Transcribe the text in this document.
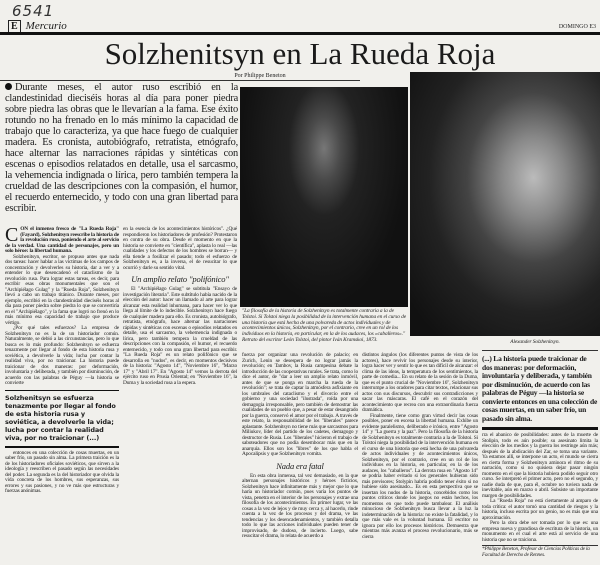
6541
E Mercurio	DOMINGO E3
Solzhenitsyn en La Rueda Roja
Por Philippe Beneton
Durante meses, el autor ruso escribió en la clandestinidad dieciséis horas al día para poner piedra sobre piedra las obras que le llevarían a la fama. Ese éxito rotundo no ha frenado en lo más mínimo la capacidad de trabajo que lo caracteriza, ya que hace fuego de cualquier madera. Es cronista, autobiógrafo, retratista, etnógrafo, hace alternar las narraciones rápidas y sintéticas con escenas o episodios relatados en detalle, usa el sarcasmo, la vehemencia indignada o lírica, pero también tempera la crueldad de las descripciones con la compasión, el humor, el recuerdo enternecido, y todo con una gran libertad para escribir.
"La filosofía de la historia de Solzhenitsyn es totalmente contraria a la de Tolstoi. Si Tolstoi niega la posibilidad de la intervención humana en el curso de una historia que está hecha de una polvareda de actos individuales y de acontecimientos únicos, Solzhenitsyn, por el contrario, cree en un rol de los individuos en la historia, en particular, en la de los audaces, los «caballeros»."
Retrato del escritor León Tolstoi, del pintor Iván Kramskoi, 1873.	Alexander Solzhenitsyn.
C ON el inmenso fresco de "La Rueda Roja" (Fayard), Solzhenitsyn reescribe la historia de la revolución rusa, poniendo el arte al servicio de la verdad. Una cantidad de personajes, pero un solo héroe: la libertad humana.

Solzhenitsyn, escritor, se propuso antes que nada dos tareas: hacer hablar a las víctimas de los campos de concentración y devolverles su historia, dar a ver y a entender lo que desencadenó el cataclismo de la revolución rusa. Para lograr estas tareas, es decir, para escribir esas obras monumentales que son el "Archipiélago Gulag" y la "Rueda Roja", Solzhenitsyn llevó a cabo un trabajo titánico. Durante meses, por ejemplo, escribió en la clandestinidad dieciséis horas al día para poner piedra sobre piedra lo que se convertiría en el "Archipiélago", y la fama que logró no frenó en lo más mínimo esa capacidad de trabajo que produce vértigo.

¿Por qué tales esfuerzos? La empresa de Solzhenitsyn no es la de un historiador común. Naturalmente, se debió a las circunstancias, pero lo que busca es lo más profundo: Solzhenitsyn se esfuerza tenazmente por llegar al fondo de esta historia rusa y soviética, a devolverle la vida; lucha por contar la realidad viva, por no traicionar. La historia puede traicionar de dos maneras: por deformación, involuntaria y deliberada, y también por disminución, de acuerdo con las palabras de Péguy —la historia se convierte

Solzhenitsyn se esfuerza tenazmente por llegar al fondo de esta historia rusa y soviética, a devolverle la vida; lucha por contar la realidad viva, por no traicionar (...)

entonces en una colección de cosas muertas, en un saber frío, un pasado sin alma. La primera traición es la de los historiadores oficiales soviéticos, que sirven a la ideología y reescriben el pasado según las necesidades del poder. La segunda es la del historiador que olvida la vida concreta de los hombres, sus esperanzas, sus errores y sus pasiones, y no ve más que estructuras y fuerzas anónimas.

en la esencia de los acontecimientos históricos". ¿Qué respondieron los historiadores de profesión? Protestaron en contra de su obra. Desde el momento en que la historia se convierte en "científica", aplasta lo real —las cualidades y los defectos de los hombres se borran— y ella tiende a fosilizar el pasado; todo el esfuerzo de Solzhenitsyn es, a la inversa, el de resucitar lo que ocurrió y darle su sentido vital.

Un amplio relato "polifónico"

El "Archipiélago Gulag" se subtitula "Ensayo de investigación literaria". Este subtítulo había nacido de la elección del autor: hacer un llamado al arte para lograr alcanzar esta realidad inhumana, para hacer ver lo que llega al límite de lo indecible. Solzhenitsyn hace fuego de cualquier madera para ello. Es cronista, autobiógrafo, retratista, etnógrafo, hace alternar las narraciones rápidas y sintéticas con escenas o episodios relatados en detalle, usa el sarcasmo, la vehemencia indignada o lírica, pero también tempera la crueldad de las descripciones con la compasión, el humor, el recuerdo enternecido, y todo con una gran libertad para escribir. "La Rueda Roja" es un relato polifónico que se desarrolla en "nudos", es decir, en momentos decisivos de la historia: "Agosto 14", "Noviembre 16", "Marzo 17" y "Abril 17". En "Agosto 14" vemos la derrota del ejército ruso en Prusia Oriental; en "Noviembre 16", la Duma y la sociedad rusa a la espera.

fuerza por organizar una revolución de palacio; en Zurich, Lenin se desespera de no lograr jamás la revolución; en Tambov, la Rusia campesina debate la introducción de las cooperativas rurales. Se trata, como lo dice el autor, de "dar a leer un amplio relato inmóvil, antes de que se ponga en marcha la rueda de la revolución"; se trata de captar la atmósfera asfixiante en los umbrales del cataclismo y el divorcio entre el gobierno y una sociedad "ilustrada", roída por una demagogia irresponsable, pero también de demostrar las cualidades de un pueblo que, a pesar de estar desangrado por la guerra, conservó el amor por el trabajo. A través de este relato, la responsabilidad de los "liberales" parece aplastante. Solzhenitsyn no tiene más que sarcasmos para Miliukov, líder del partido de los cadetes, demagogo y destructor de Rusia. Los "liberales" hicieron el trabajo de saboteadores que no podía desembocar más que en la anarquía. Ellos son los "libres" de los que habla el Apocalipsis y que Solzhenitsyn vomita.

Nada era fatal

En esta obra inmensa, tal vez demasiado, en la que alternan personajes históricos y héroes ficticios, Solzhenitsyn hace infinitamente más y mejor que lo que haría un historiador común, pues varía los puntos de vista, penetra en el interior de los personajes y extrae una filosofía de los acontecimientos. En primer lugar, ve las cosas a la vez de lejos y de muy cerca y, al hacerlo, rinde cuenta a la vez de los procesos y del drama, ve las tendencias y los desencadenamientos, y también detalla todo lo que las acciones individuales pueden tener de improvisado, de dudoso, de incierto. Luego, sabe resucitar el drama, lo relata de acuerdo a

distintos ángulos (los diferentes puntos de vista de los actores), hace revivir los personajes desde su interior, logra hacer ver y sentir lo que es tan difícil de alcanzar: el clima de las ideas, la temperatura de los sentimientos, la parte de comedia... En su relato de la sesión de la Duma, que es el punto crucial de "Noviembre 16", Solzhenitsyn interrumpe a los oradores para citar textos, relacionar sus actos con sus discursos, descubrir sus contradicciones y sacar las máscaras. El café en el corazón del acontecimiento que recrea con una extraordinaria fuerza dramática.

Finalmente, tiene como gran virtud decir las cosas posibles, poner en escena la libertad humana. Exhibe un evidente paralelismo, deliberado e irónico, entre "Agosto 14" y "La guerra y la paz". Pero la filosofía de la historia de Solzhenitsyn es totalmente contraria a la de Tolstoi. Si Tolstoi niega la posibilidad de la intervención humana en el curso de una historia que está hecha de una polvareda de actos individuales y de acontecimientos únicos, Solzhenitsyn, por el contrario, cree en un rol de los individuos en la historia, en particular, en la de los audaces, los "caballeros". La derrota rusa en "Agosto 14" se podría haber evitado si los generales hubieran sido más previsores; Stolypin habría podido tener éxito si no hubiese sido asesinado... Es en esta perspectiva que se insertan los nudos de la historia, concebidos como los puntos críticos donde los juegos no están hechos, los momentos en que todo puede tambalear. El análisis minucioso de Solzhenitsyn busca llevar a la luz la indeterminación de la historia: no existe la fatalidad, y lo que más vale es la voluntad humana. El escritor no ignora por ello los procesos históricos. Demuestra que mientras más avanza el proceso revolucionario, más se cierra

(...) La historia puede traicionar de dos maneras: por deformación, involuntaria y deliberada, y también por disminución, de acuerdo con las palabras de Péguy —la historia se convierte entonces en una colección de cosas muertas, en un saber frío, un pasado sin alma.

rra el abanico de posibilidades: antes de la muerte de Stolipin, todo es aún posible; su asesinato limita la elección de los medios y la guerra los restringe aún más; después de la abdicación del Zar, se toma una variante. Ya estamos allí, se interpone un acto, el mundo se cierra en cierta forma y Solzhenitsyn aminora el ritmo de su narración, como si no quisiera dejar pasar ningún momento en el que la historia hubiera podido seguir otro curso. Se interpretó el primer acto, pero no el segundo, y nadie duda de que, para él, octubre no tuviera nada de inevitable, aún en marzo o abril. Subsiste un importante margen de posibilidades.

La "Rueda Roja" no está ciertamente al amparo de toda crítica: el autor tomó una cantidad de riesgos y la historia, incluso escrita por un genio, no es más que una aproximación.

Pero la obra debe ser tomada por lo que es: una empresa nueva y grandiosa de escritura de la historia, un monumento en el cual el arte está al servicio de una historia que no se traiciona.

*Philippe Beneton, Profesor de Ciencias Políticas de la Facultad de Derecho de Rennes.
